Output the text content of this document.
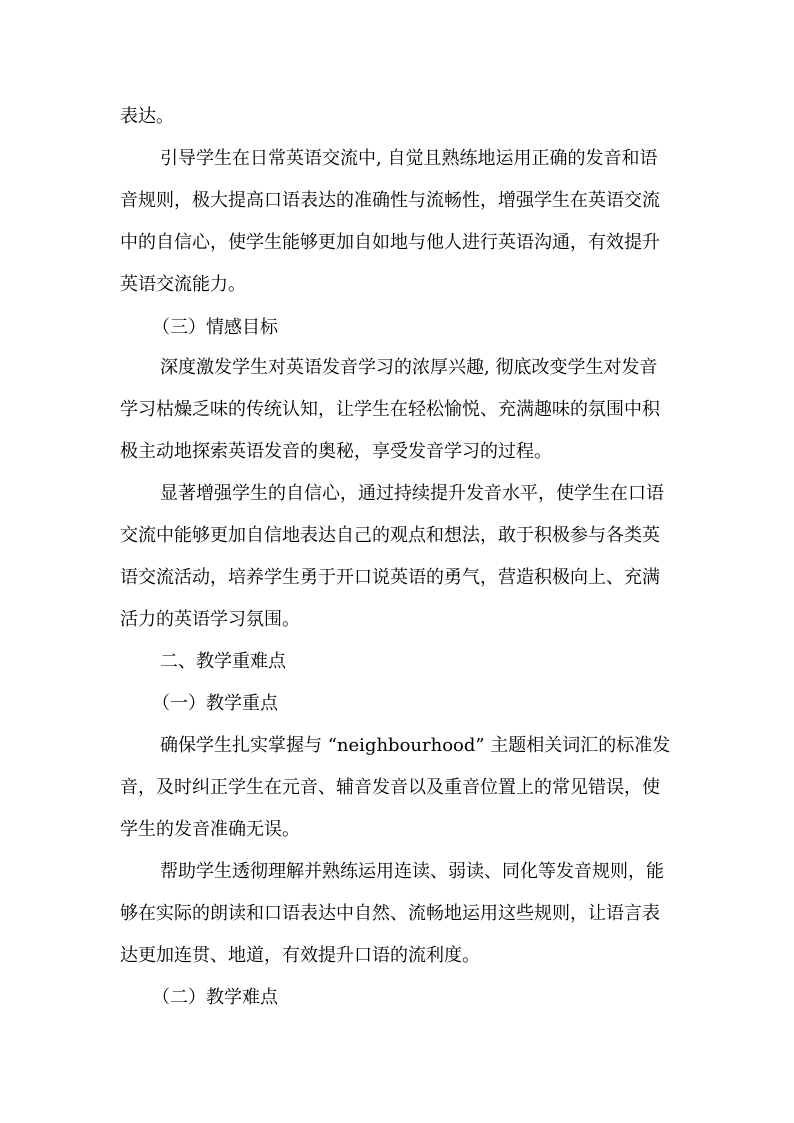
表达。
引导学生在日常英语交流中, 自觉且熟练地运用正确的发音和语
音规则，极大提高口语表达的准确性与流畅性，增强学生在英语交流
中的自信心，使学生能够更加自如地与他人进行英语沟通，有效提升
英语交流能力。
（三）情感目标
深度激发学生对英语发音学习的浓厚兴趣, 彻底改变学生对发音
学习枯燥乏味的传统认知，让学生在轻松愉悦、充满趣味的氛围中积
极主动地探索英语发音的奥秘，享受发音学习的过程。
显著增强学生的自信心，通过持续提升发音水平，使学生在口语
交流中能够更加自信地表达自己的观点和想法，敢于积极参与各类英
语交流活动，培养学生勇于开口说英语的勇气，营造积极向上、充满
活力的英语学习氛围。
二、教学重难点
（一）教学重点
确保学生扎实掌握与 “neighbourhood” 主题相关词汇的标准发
音，及时纠正学生在元音、辅音发音以及重音位置上的常见错误，使
学生的发音准确无误。
帮助学生透彻理解并熟练运用连读、弱读、同化等发音规则，能
够在实际的朗读和口语表达中自然、流畅地运用这些规则，让语言表
达更加连贯、地道，有效提升口语的流利度。
（二）教学难点
